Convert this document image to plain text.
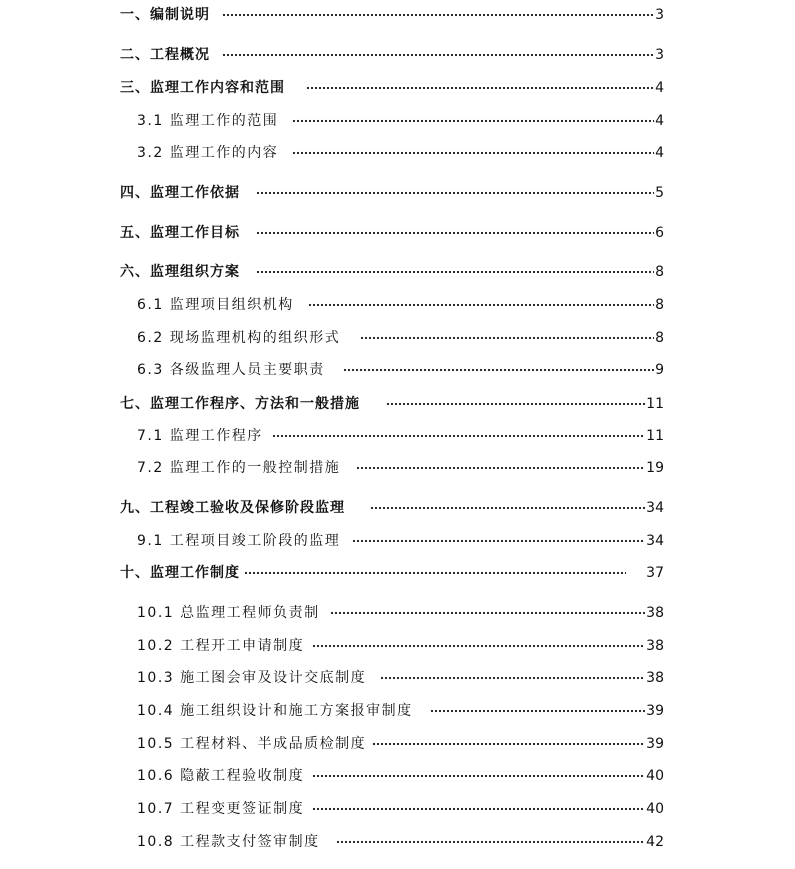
一、编制说明	3
二、工程概况	3
三、监理工作内容和范围	4
3.1 监理工作的范围	4
3.2 监理工作的内容	4
四、监理工作依据	5
五、监理工作目标	6
六、监理组织方案	8
6.1 监理项目组织机构	8
6.2 现场监理机构的组织形式	8
6.3 各级监理人员主要职责	9
七、监理工作程序、方法和一般措施	11
7.1 监理工作程序	11
7.2 监理工作的一般控制措施	19
九、工程竣工验收及保修阶段监理	34
9.1 工程项目竣工阶段的监理	34
十、监理工作制度	37
10.1 总监理工程师负责制	38
10.2 工程开工申请制度	38
10.3 施工图会审及设计交底制度	38
10.4 施工组织设计和施工方案报审制度	39
10.5 工程材料、半成品质检制度	39
10.6 隐蔽工程验收制度	40
10.7 工程变更签证制度	40
10.8 工程款支付签审制度	42
